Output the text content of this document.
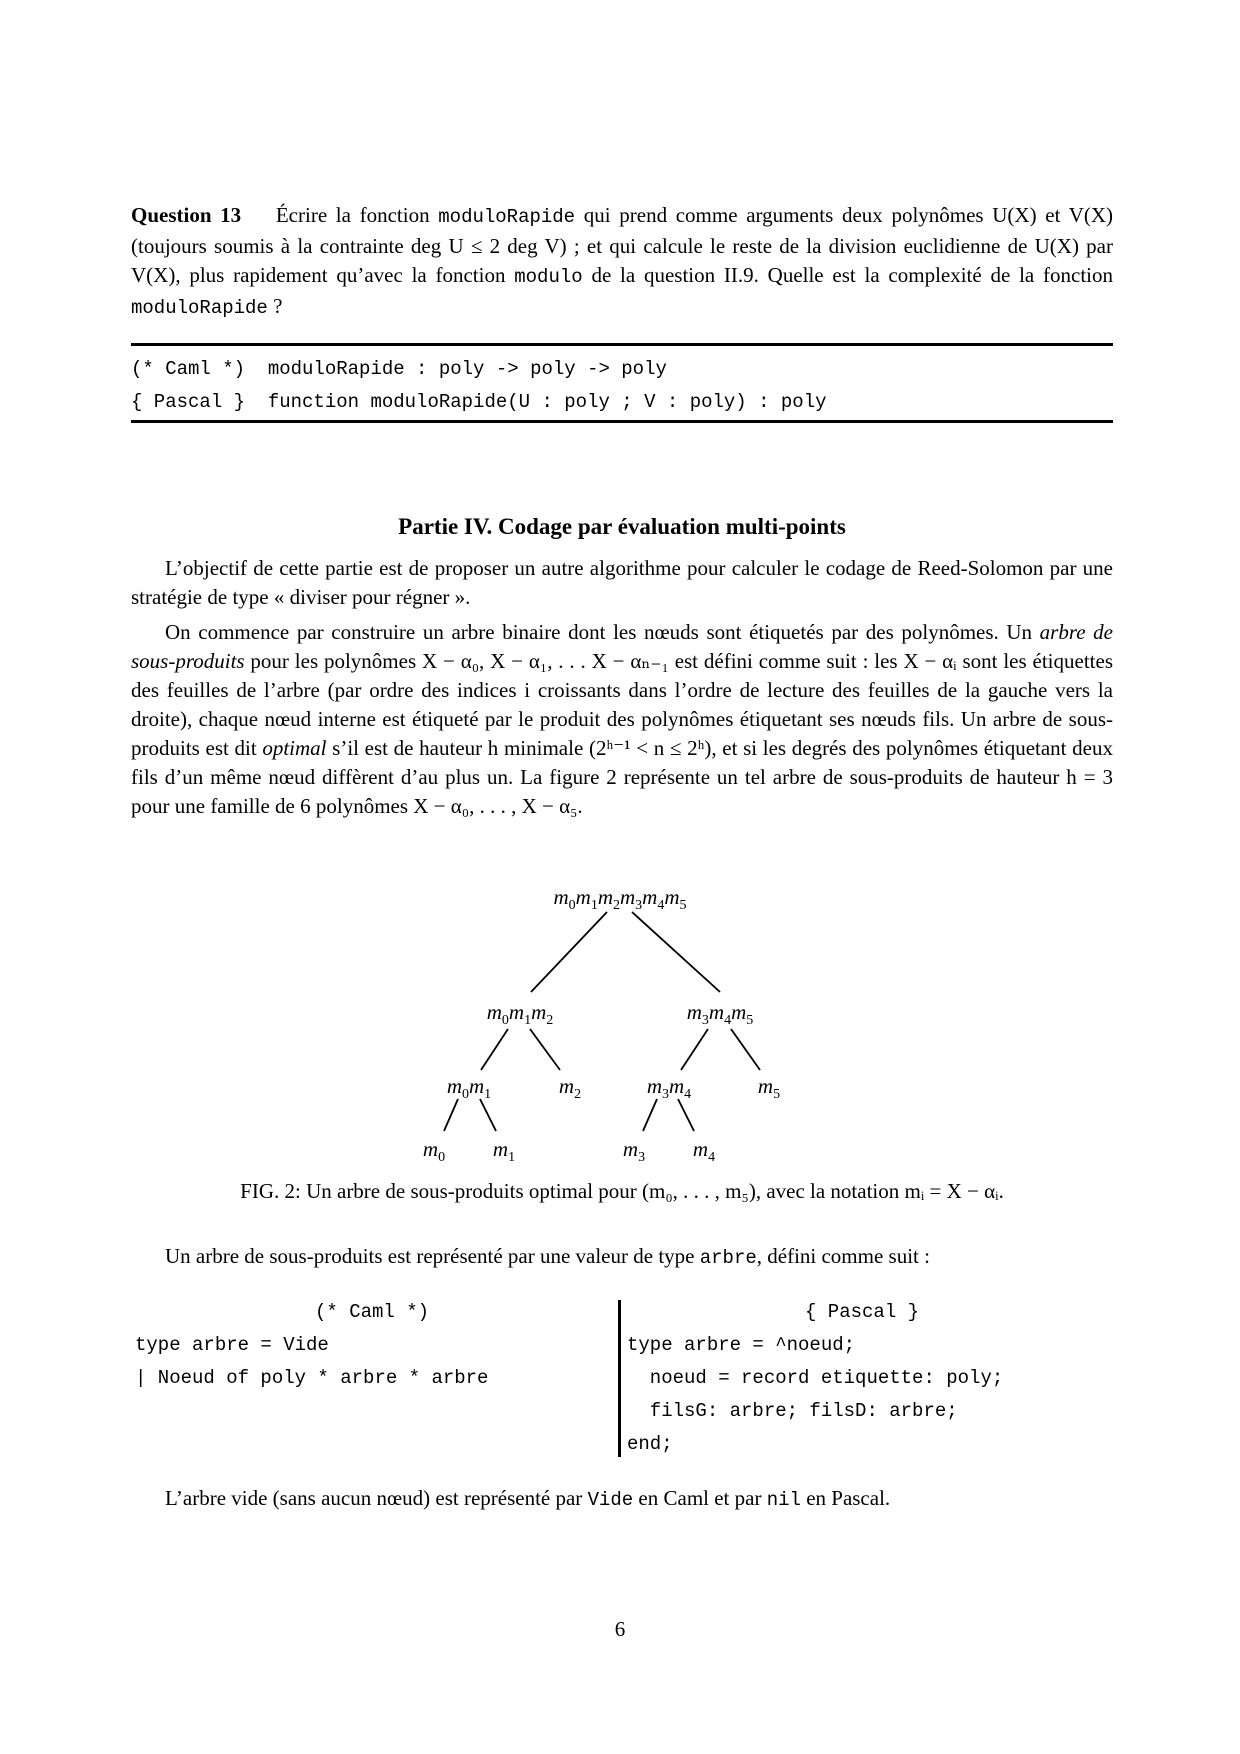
Question 13 Écrire la fonction moduloRapide qui prend comme arguments deux polynômes U(X) et V(X) (toujours soumis à la contrainte deg U ≤ 2 deg V) ; et qui calcule le reste de la division euclidienne de U(X) par V(X), plus rapidement qu’avec la fonction modulo de la question II.9. Quelle est la complexité de la fonction moduloRapide ?

(* Caml *)  moduloRapide : poly -> poly -> poly
{ Pascal }  function moduloRapide(U : poly ; V : poly) : poly
Partie IV. Codage par évaluation multi-points

L’objectif de cette partie est de proposer un autre algorithme pour calculer le codage de Reed-Solomon par une stratégie de type « diviser pour régner ».

On commence par construire un arbre binaire dont les nœuds sont étiquetés par des polynômes. Un arbre de sous-produits pour les polynômes X − α₀, X − α₁, . . . X − αₙ₋₁ est défini comme suit : les X − αᵢ sont les étiquettes des feuilles de l’arbre (par ordre des indices i croissants dans l’ordre de lecture des feuilles de la gauche vers la droite), chaque nœud interne est étiqueté par le produit des polynômes étiquetant ses nœuds fils. Un arbre de sous-produits est dit optimal s’il est de hauteur h minimale (2ʰ⁻¹ < n ≤ 2ʰ), et si les degrés des polynômes étiquetant deux fils d’un même nœud diffèrent d’au plus un. La figure 2 représente un tel arbre de sous-produits de hauteur h = 3 pour une famille de 6 polynômes X − α₀, . . . , X − α₅.

$m_0m_1m_2m_3m_4m_5$
$m_0m_1m_2$	$m_3m_4m_5$
$m_0m_1$	$m_2$	$m_3m_4$	$m_5$
$m_0$ $m_1$	$m_3$ $m_4$
FIG. 2: Un arbre de sous-produits optimal pour (m₀, . . . , m₅), avec la notation mᵢ = X − αᵢ.

Un arbre de sous-produits est représenté par une valeur de type arbre, défini comme suit :

(* Caml *)
type arbre = Vide
| Noeud of poly * arbre * arbre
{ Pascal }
type arbre = ^noeud;
noeud = record etiquette: poly;
filsG: arbre; filsD: arbre;
end;

L’arbre vide (sans aucun nœud) est représenté par Vide en Caml et par nil en Pascal.

6
